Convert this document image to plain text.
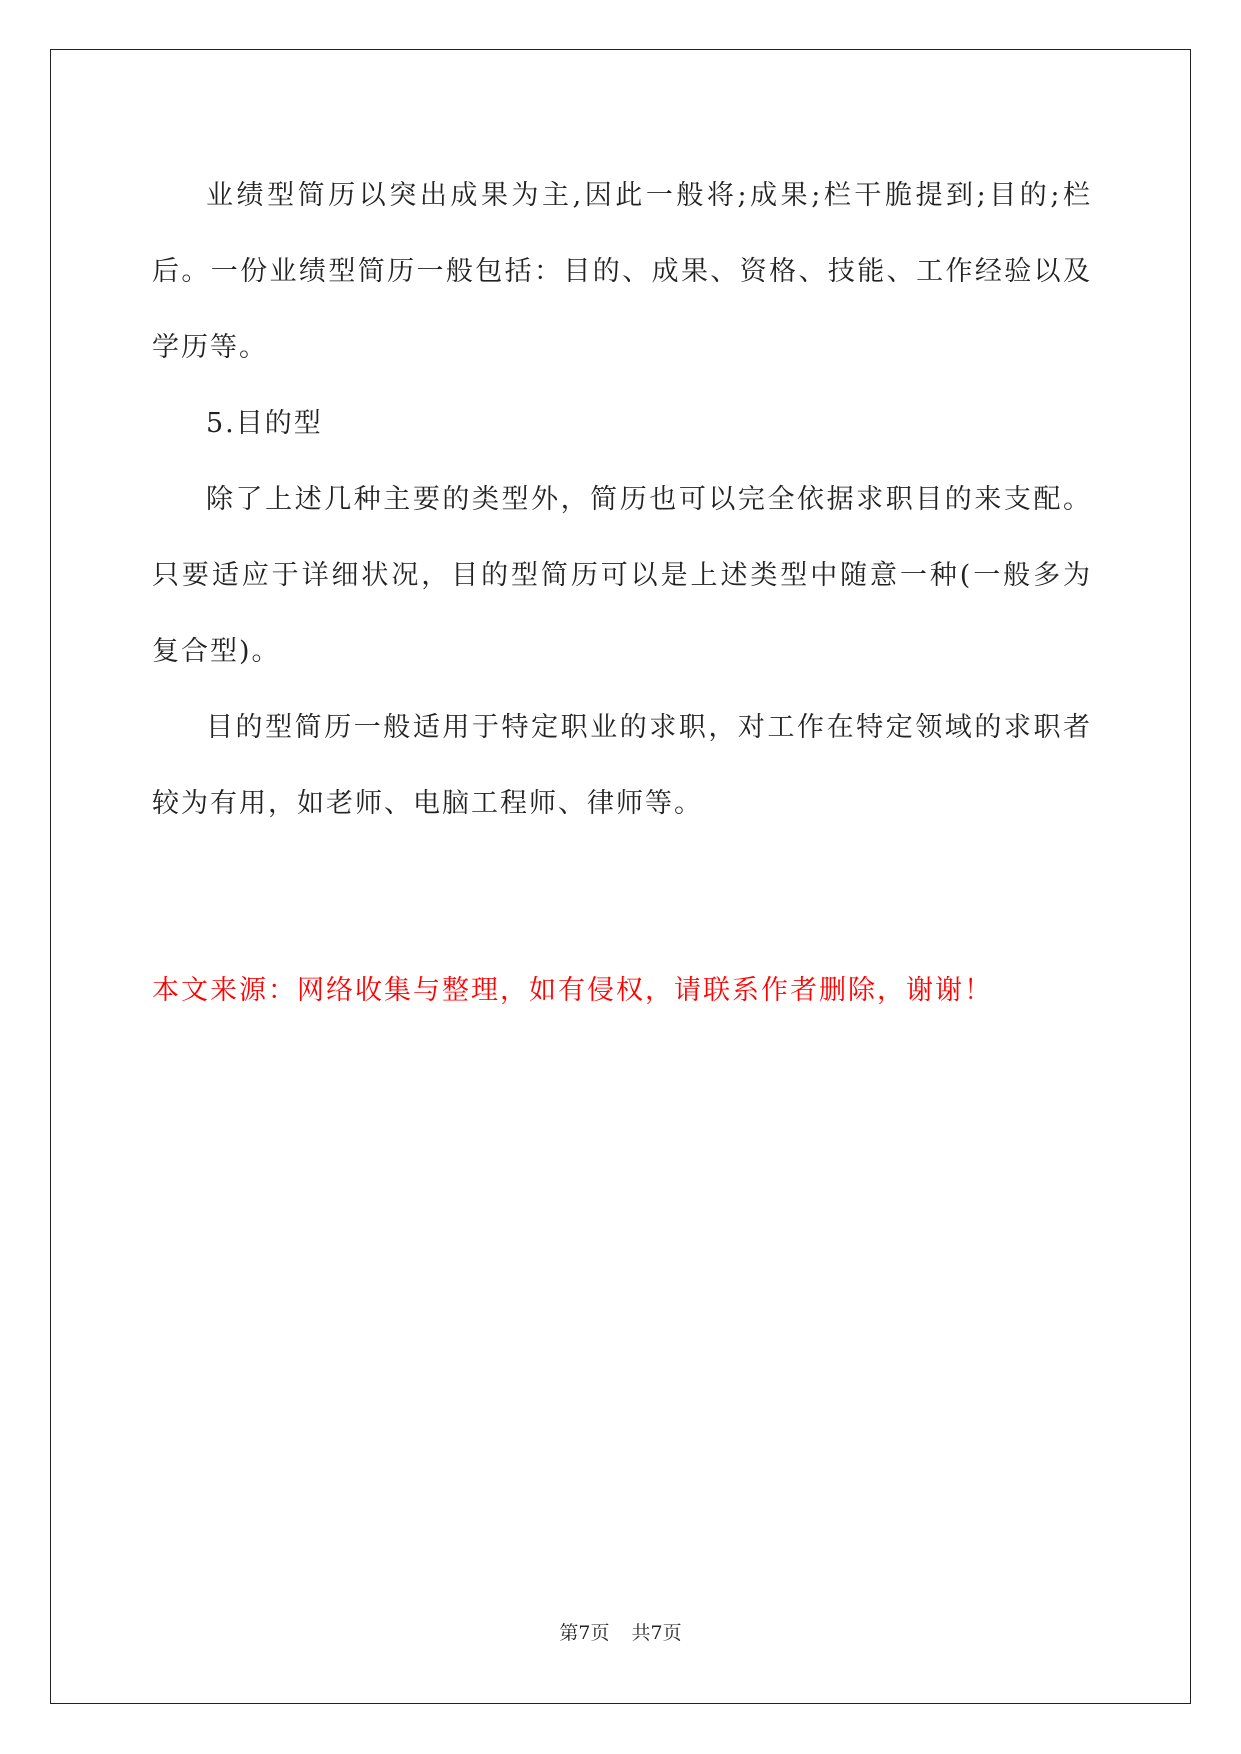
业绩型简历以突出成果为主,因此一般将;成果;栏干脆提到;目的;栏后。一份业绩型简历一般包括：目的、成果、资格、技能、工作经验以及学历等。

5.目的型

除了上述几种主要的类型外，简历也可以完全依据求职目的来支配。只要适应于详细状况，目的型简历可以是上述类型中随意一种(一般多为复合型)。

目的型简历一般适用于特定职业的求职，对工作在特定领域的求职者较为有用，如老师、电脑工程师、律师等。

本文来源：网络收集与整理，如有侵权，请联系作者删除，谢谢！
第7页 共7页
